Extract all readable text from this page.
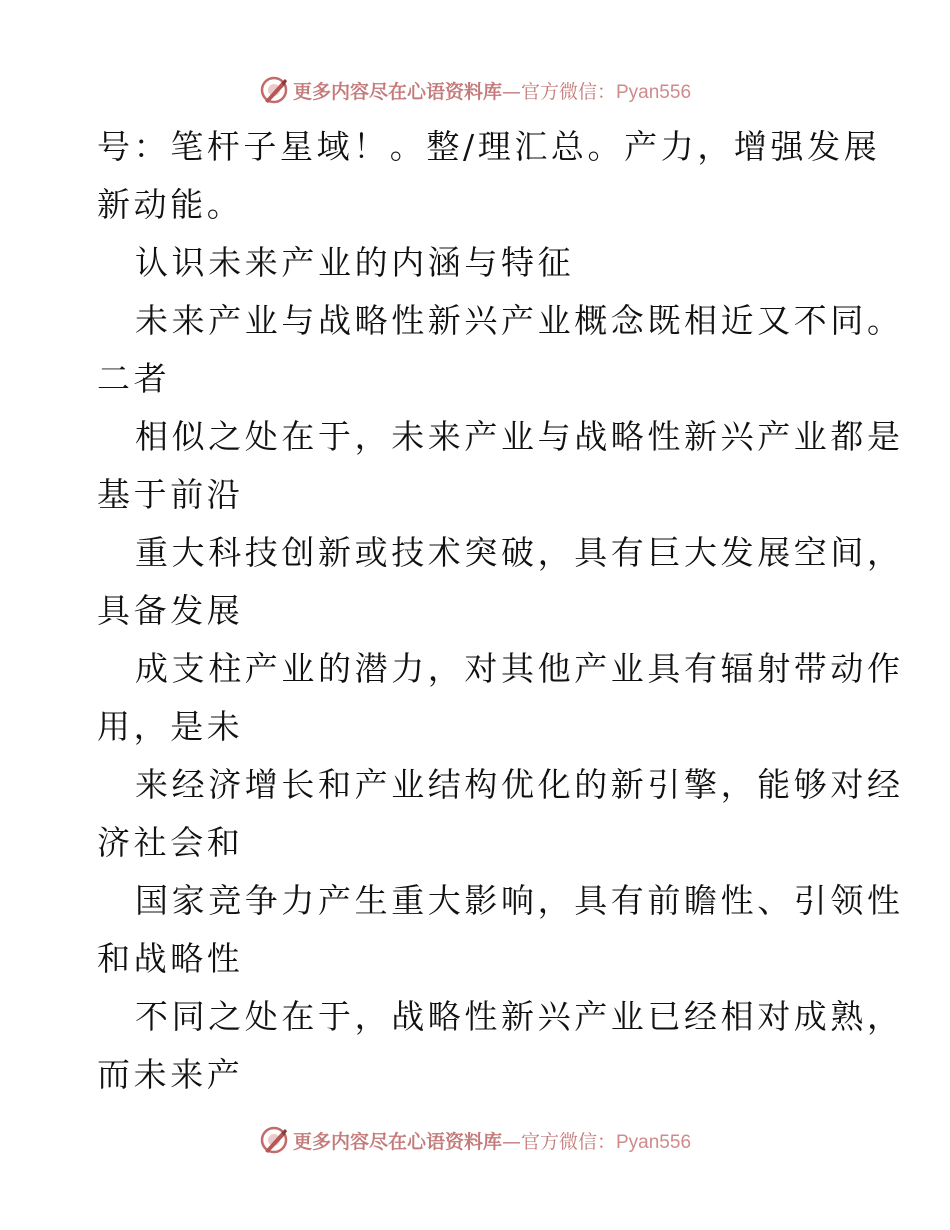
更多内容尽在心语资料库—官方微信：Pyan556
号：笔杆子星域！。整/理汇总。产力，增强发展
新动能。
认识未来产业的内涵与特征
未来产业与战略性新兴产业概念既相近又不同。
二者
相似之处在于，未来产业与战略性新兴产业都是
基于前沿
重大科技创新或技术突破，具有巨大发展空间，
具备发展
成支柱产业的潜力，对其他产业具有辐射带动作
用，是未
来经济增长和产业结构优化的新引擎，能够对经
济社会和
国家竞争力产生重大影响，具有前瞻性、引领性
和战略性
不同之处在于，战略性新兴产业已经相对成熟，
而未来产
更多内容尽在心语资料库—官方微信：Pyan556
